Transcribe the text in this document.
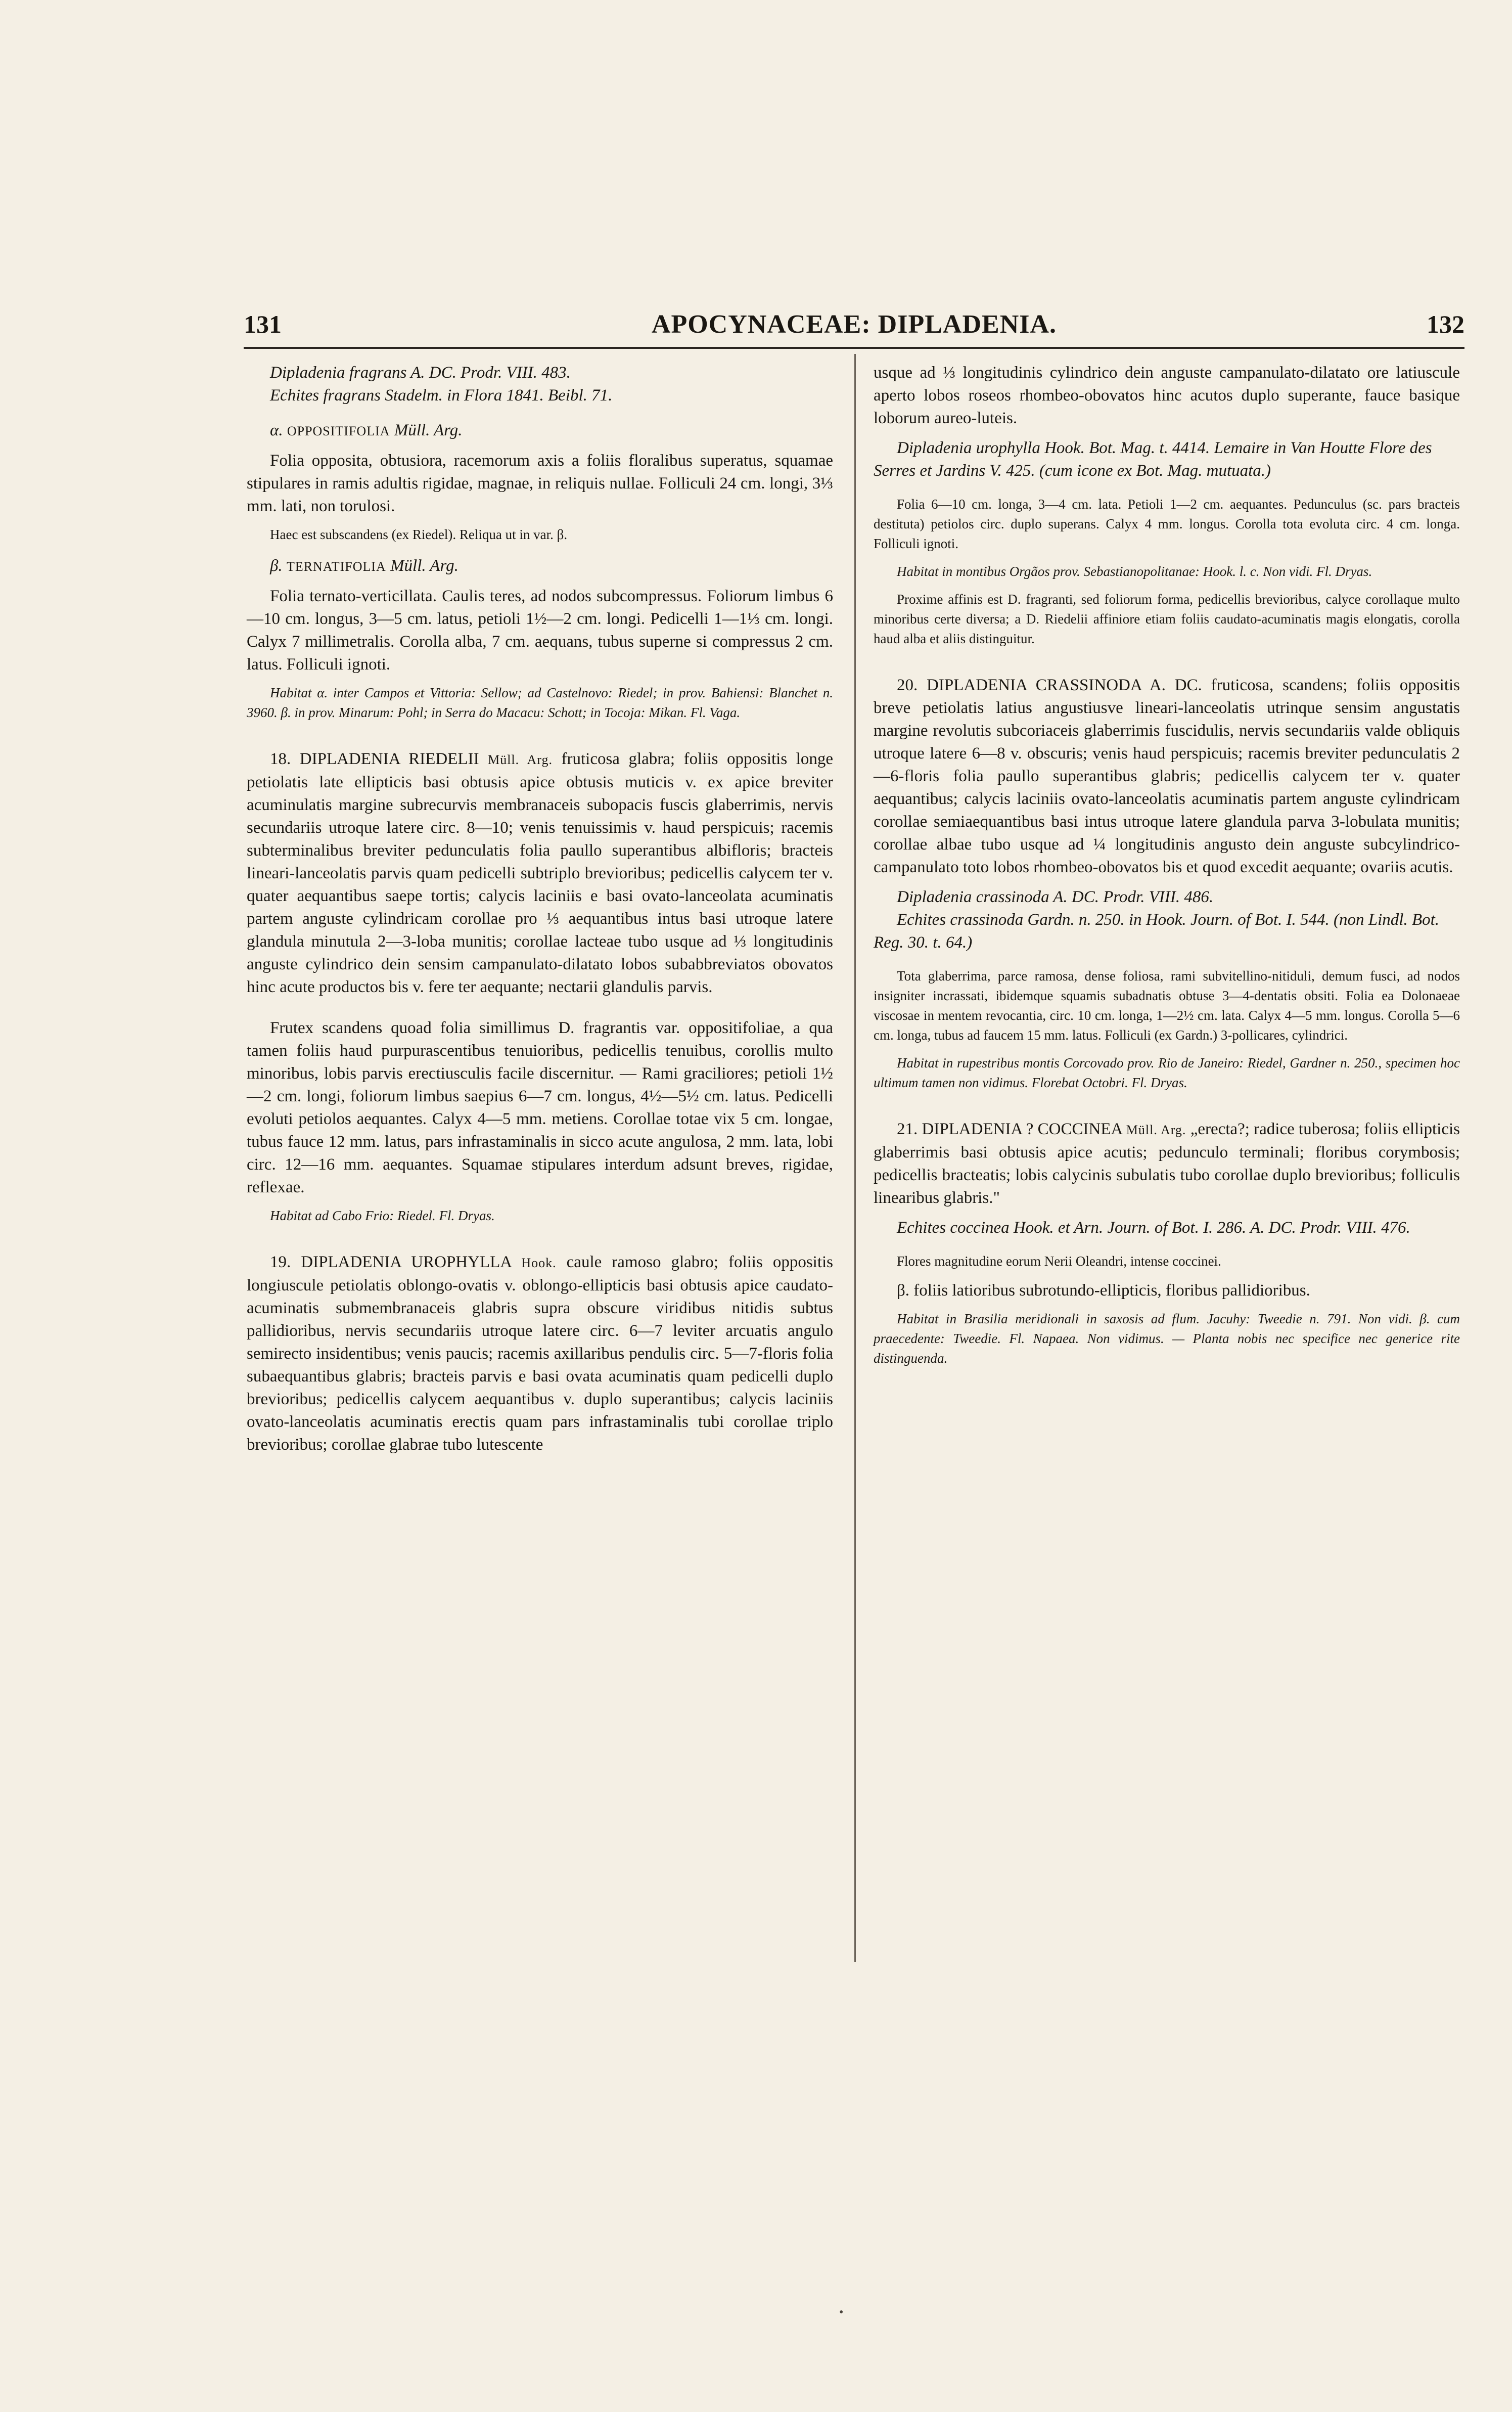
131	APOCYNACEAE: DIPLADENIA.	132

Dipladenia fragrans A. DC. Prodr. VIII. 483.

Echites fragrans Stadelm. in Flora 1841. Beibl. 71.

α. OPPOSITIFOLIA Müll. Arg.

Folia opposita, obtusiora, racemorum axis a foliis floralibus superatus, squamae stipulares in ramis adultis rigidae, magnae, in reliquis nullae. Folliculi 24 cm. longi, 3⅓ mm. lati, non torulosi.

Haec est subscandens (ex Riedel). Reliqua ut in var. β.

β. TERNATIFOLIA Müll. Arg.

Folia ternato-verticillata. Caulis teres, ad nodos subcompressus. Foliorum limbus 6—10 cm. longus, 3—5 cm. latus, petioli 1½—2 cm. longi. Pedicelli 1—1⅓ cm. longi. Calyx 7 millimetralis. Corolla alba, 7 cm. aequans, tubus superne si compressus 2 cm. latus. Folliculi ignoti.

Habitat α. inter Campos et Vittoria: Sellow; ad Castelnovo: Riedel; in prov. Bahiensi: Blanchet n. 3960. β. in prov. Minarum: Pohl; in Serra do Macacu: Schott; in Tocoja: Mikan. Fl. Vaga.

18. DIPLADENIA RIEDELII Müll. Arg. fruticosa glabra; foliis oppositis longe petiolatis late ellipticis basi obtusis apice obtusis muticis v. ex apice breviter acuminulatis margine subrecurvis membranaceis subopacis fuscis glaberrimis, nervis secundariis utroque latere circ. 8—10; venis tenuissimis v. haud perspicuis; racemis subterminalibus breviter pedunculatis folia paullo superantibus albifloris; bracteis lineari-lanceolatis parvis quam pedicelli subtriplo brevioribus; pedicellis calycem ter v. quater aequantibus saepe tortis; calycis laciniis e basi ovato-lanceolata acuminatis partem anguste cylindricam corollae pro ⅓ aequantibus intus basi utroque latere glandula minutula 2—3-loba munitis; corollae lacteae tubo usque ad ⅓ longitudinis anguste cylindrico dein sensim campanulato-dilatato lobos subabbreviatos obovatos hinc acute productos bis v. fere ter aequante; nectarii glandulis parvis.

Frutex scandens quoad folia simillimus D. fragrantis var. oppositifoliae, a qua tamen foliis haud purpurascentibus tenuioribus, pedicellis tenuibus, corollis multo minoribus, lobis parvis erectiusculis facile discernitur. — Rami graciliores; petioli 1½—2 cm. longi, foliorum limbus saepius 6—7 cm. longus, 4½—5½ cm. latus. Pedicelli evoluti petiolos aequantes. Calyx 4—5 mm. metiens. Corollae totae vix 5 cm. longae, tubus fauce 12 mm. latus, pars infrastaminalis in sicco acute angulosa, 2 mm. lata, lobi circ. 12—16 mm. aequantes. Squamae stipulares interdum adsunt breves, rigidae, reflexae.

Habitat ad Cabo Frio: Riedel. Fl. Dryas.

19. DIPLADENIA UROPHYLLA Hook. caule ramoso glabro; foliis oppositis longiuscule petiolatis oblongo-ovatis v. oblongo-ellipticis basi obtusis apice caudato-acuminatis submembranaceis glabris supra obscure viridibus nitidis subtus pallidioribus, nervis secundariis utroque latere circ. 6—7 leviter arcuatis angulo semirecto insidentibus; venis paucis; racemis axillaribus pendulis circ. 5—7-floris folia subaequantibus glabris; bracteis parvis e basi ovata acuminatis quam pedicelli duplo brevioribus; pedicellis calycem aequantibus v. duplo superantibus; calycis laciniis ovato-lanceolatis acuminatis erectis quam pars infrastaminalis tubi corollae triplo brevioribus; corollae glabrae tubo lutescente

usque ad ⅓ longitudinis cylindrico dein anguste campanulato-dilatato ore latiuscule aperto lobos roseos rhombeo-obovatos hinc acutos duplo superante, fauce basique loborum aureo-luteis.

Dipladenia urophylla Hook. Bot. Mag. t. 4414. Lemaire in Van Houtte Flore des Serres et Jardins V. 425. (cum icone ex Bot. Mag. mutuata.)

Folia 6—10 cm. longa, 3—4 cm. lata. Petioli 1—2 cm. aequantes. Pedunculus (sc. pars bracteis destituta) petiolos circ. duplo superans. Calyx 4 mm. longus. Corolla tota evoluta circ. 4 cm. longa. Folliculi ignoti.

Habitat in montibus Orgãos prov. Sebastianopolitanae: Hook. l. c. Non vidi. Fl. Dryas.

Proxime affinis est D. fragranti, sed foliorum forma, pedicellis brevioribus, calyce corollaque multo minoribus certe diversa; a D. Riedelii affiniore etiam foliis caudato-acuminatis magis elongatis, corolla haud alba et aliis distinguitur.

20. DIPLADENIA CRASSINODA A. DC. fruticosa, scandens; foliis oppositis breve petiolatis latius angustiusve lineari-lanceolatis utrinque sensim angustatis margine revolutis subcoriaceis glaberrimis fuscidulis, nervis secundariis valde obliquis utroque latere 6—8 v. obscuris; venis haud perspicuis; racemis breviter pedunculatis 2—6-floris folia paullo superantibus glabris; pedicellis calycem ter v. quater aequantibus; calycis laciniis ovato-lanceolatis acuminatis partem anguste cylindricam corollae semiaequantibus basi intus utroque latere glandula parva 3-lobulata munitis; corollae albae tubo usque ad ¼ longitudinis angusto dein anguste subcylindrico-campanulato toto lobos rhombeo-obovatos bis et quod excedit aequante; ovariis acutis.

Dipladenia crassinoda A. DC. Prodr. VIII. 486.

Echites crassinoda Gardn. n. 250. in Hook. Journ. of Bot. I. 544. (non Lindl. Bot. Reg. 30. t. 64.)

Tota glaberrima, parce ramosa, dense foliosa, rami subvitellino-nitiduli, demum fusci, ad nodos insigniter incrassati, ibidemque squamis subadnatis obtuse 3—4-dentatis obsiti. Folia ea Dolonaeae viscosae in mentem revocantia, circ. 10 cm. longa, 1—2½ cm. lata. Calyx 4—5 mm. longus. Corolla 5—6 cm. longa, tubus ad faucem 15 mm. latus. Folliculi (ex Gardn.) 3-pollicares, cylindrici.

Habitat in rupestribus montis Corcovado prov. Rio de Janeiro: Riedel, Gardner n. 250., specimen hoc ultimum tamen non vidimus. Florebat Octobri. Fl. Dryas.

21. DIPLADENIA ? COCCINEA Müll. Arg. „erecta?; radice tuberosa; foliis ellipticis glaberrimis basi obtusis apice acutis; pedunculo terminali; floribus corymbosis; pedicellis bracteatis; lobis calycinis subulatis tubo corollae duplo brevioribus; folliculis linearibus glabris."

Echites coccinea Hook. et Arn. Journ. of Bot. I. 286. A. DC. Prodr. VIII. 476.

Flores magnitudine eorum Nerii Oleandri, intense coccinei.

β. foliis latioribus subrotundo-ellipticis, floribus pallidioribus.

Habitat in Brasilia meridionali in saxosis ad flum. Jacuhy: Tweedie n. 791. Non vidi. β. cum praecedente: Tweedie. Fl. Napaea. Non vidimus. — Planta nobis nec specifice nec generice rite distinguenda.

•
